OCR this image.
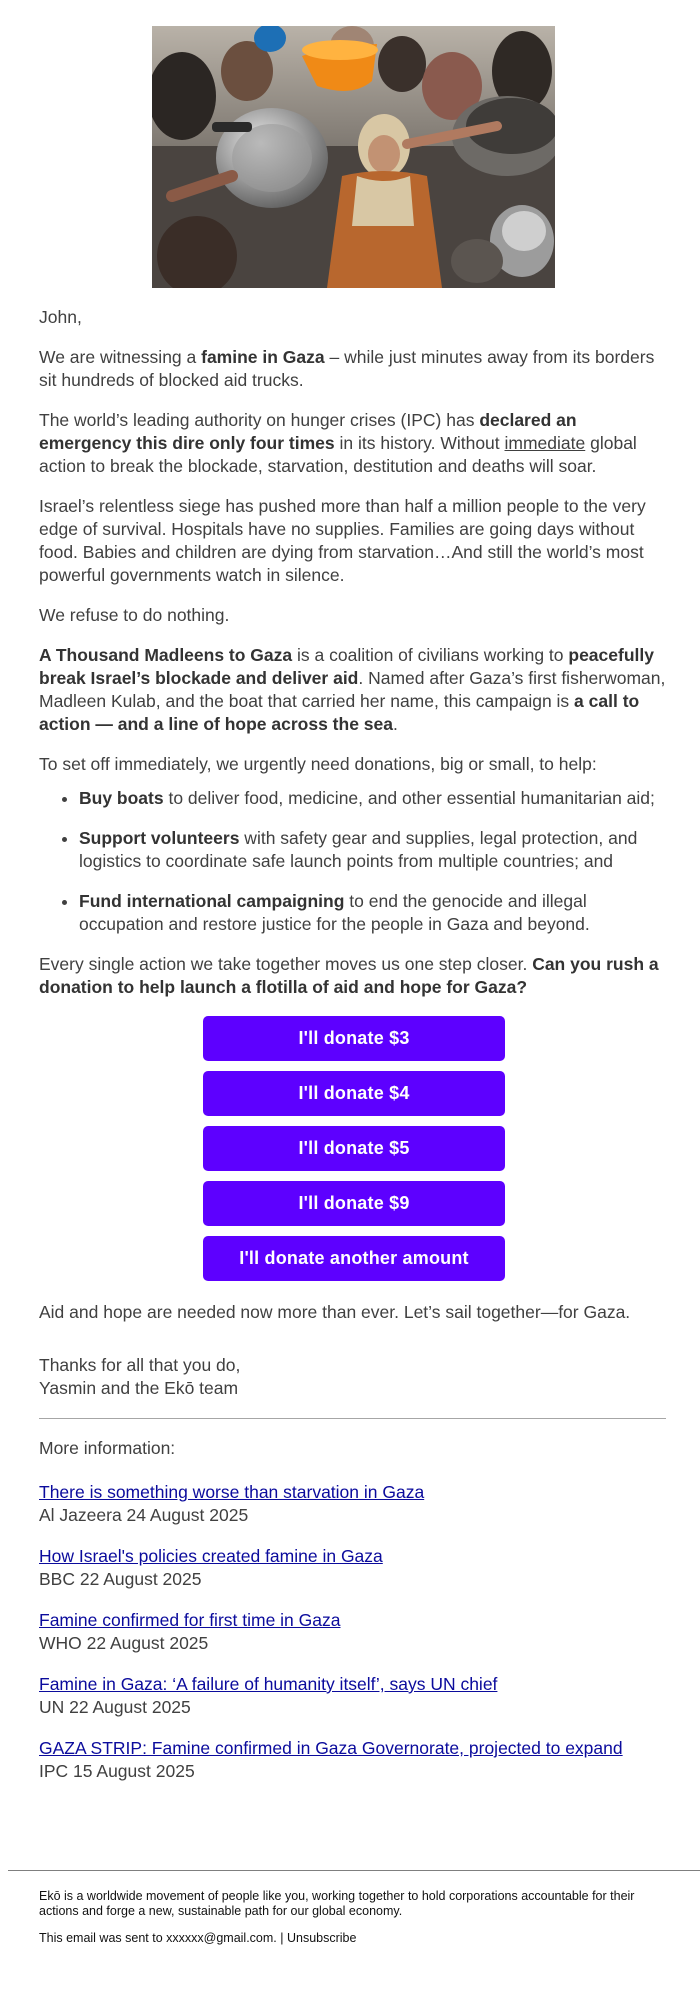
John,

We are witnessing a famine in Gaza – while just minutes away from its borders sit hundreds of blocked aid trucks.

The world’s leading authority on hunger crises (IPC) has declared an emergency this dire only four times in its history. Without immediate global action to break the blockade, starvation, destitution and deaths will soar.

Israel’s relentless siege has pushed more than half a million people to the very edge of survival. Hospitals have no supplies. Families are going days without food. Babies and children are dying from starvation…And still the world’s most powerful governments watch in silence.

We refuse to do nothing.

A Thousand Madleens to Gaza is a coalition of civilians working to peacefully break Israel’s blockade and deliver aid. Named after Gaza’s first fisherwoman, Madleen Kulab, and the boat that carried her name, this campaign is a call to action — and a line of hope across the sea.

To set off immediately, we urgently need donations, big or small, to help:

• Buy boats to deliver food, medicine, and other essential humanitarian aid;
• Support volunteers with safety gear and supplies, legal protection, and logistics to coordinate safe launch points from multiple countries; and
• Fund international campaigning to end the genocide and illegal occupation and restore justice for the people in Gaza and beyond.

Every single action we take together moves us one step closer. Can you rush a donation to help launch a flotilla of aid and hope for Gaza?

I'll donate $3
I'll donate $4
I'll donate $5
I'll donate $9
I'll donate another amount

Aid and hope are needed now more than ever. Let’s sail together—for Gaza.

Thanks for all that you do,
Yasmin and the Ekō team
More information:
There is something worse than starvation in Gaza
Al Jazeera 24 August 2025
How Israel's policies created famine in Gaza
BBC 22 August 2025
Famine confirmed for first time in Gaza
WHO 22 August 2025
Famine in Gaza: ‘A failure of humanity itself’, says UN chief
UN 22 August 2025
GAZA STRIP: Famine confirmed in Gaza Governorate, projected to expand
IPC 15 August 2025

Ekō is a worldwide movement of people like you, working together to hold corporations accountable for their actions and forge a new, sustainable path for our global economy.

This email was sent to xxxxxx@gmail.com. | Unsubscribe
